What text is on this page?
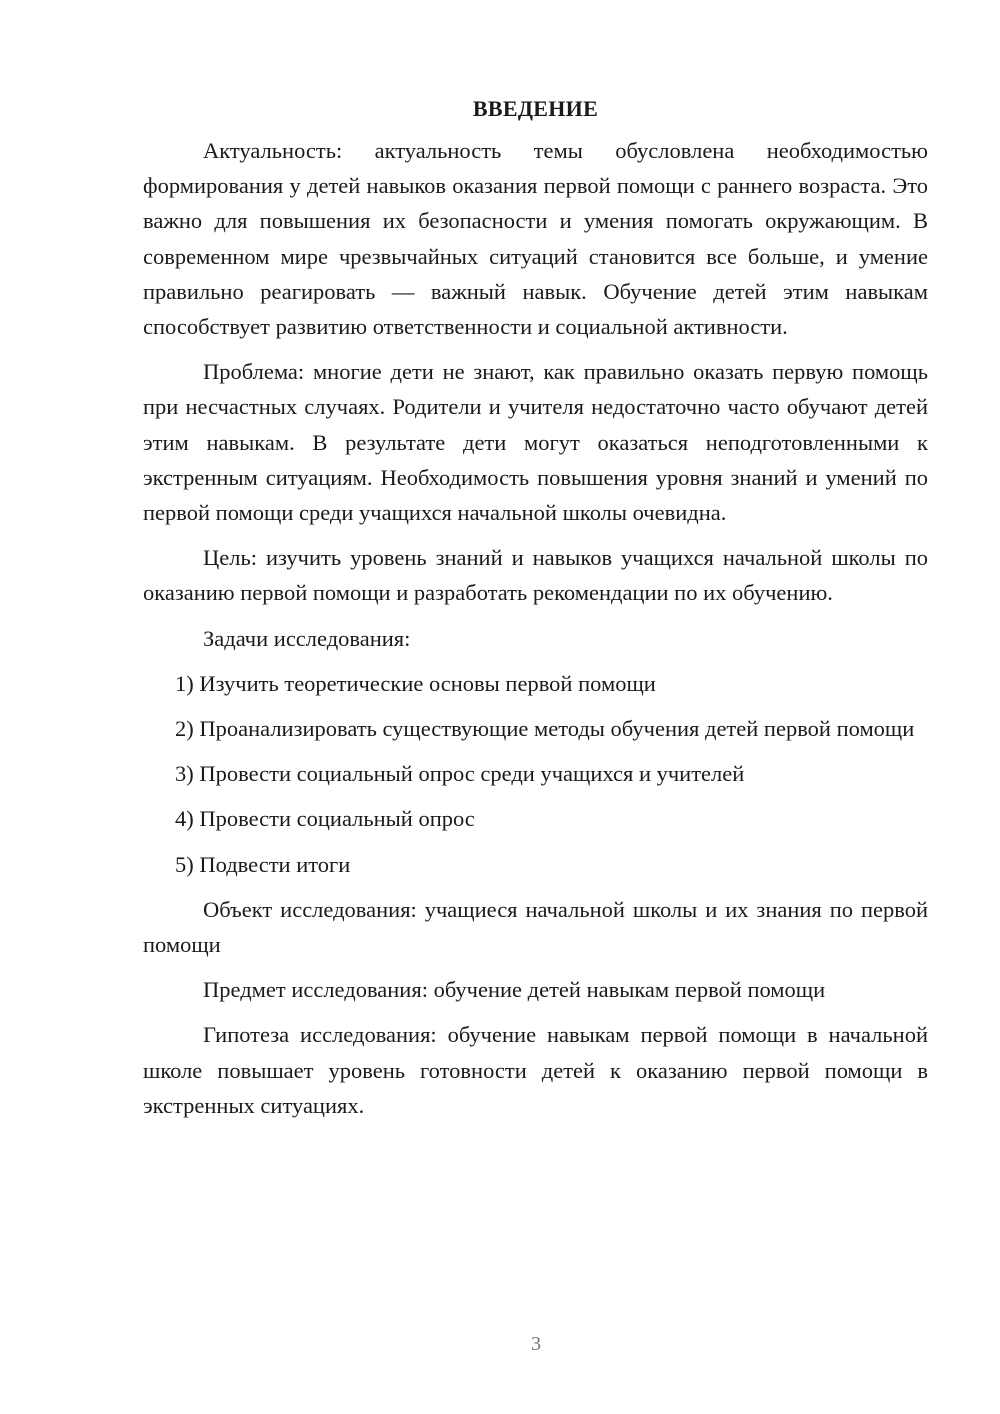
ВВЕДЕНИЕ

Актуальность: актуальность темы обусловлена необходимостью формирования у детей навыков оказания первой помощи с раннего возраста. Это важно для повышения их безопасности и умения помогать окружающим. В современном мире чрезвычайных ситуаций становится все больше, и умение правильно реагировать — важный навык. Обучение детей этим навыкам способствует развитию ответственности и социальной активности.

Проблема: многие дети не знают, как правильно оказать первую помощь при несчастных случаях. Родители и учителя недостаточно часто обучают детей этим навыкам. В результате дети могут оказаться неподготовленными к экстренным ситуациям. Необходимость повышения уровня знаний и умений по первой помощи среди учащихся начальной школы очевидна.

Цель: изучить уровень знаний и навыков учащихся начальной школы по оказанию первой помощи и разработать рекомендации по их обучению.

Задачи исследования:

1) Изучить теоретические основы первой помощи

2) Проанализировать существующие методы обучения детей первой помощи

3) Провести социальный опрос среди учащихся и учителей

4) Провести социальный опрос

5) Подвести итоги

Объект исследования: учащиеся начальной школы и их знания по первой помощи

Предмет исследования: обучение детей навыкам первой помощи

Гипотеза исследования: обучение навыкам первой помощи в начальной школе повышает уровень готовности детей к оказанию первой помощи в экстренных ситуациях.

3
